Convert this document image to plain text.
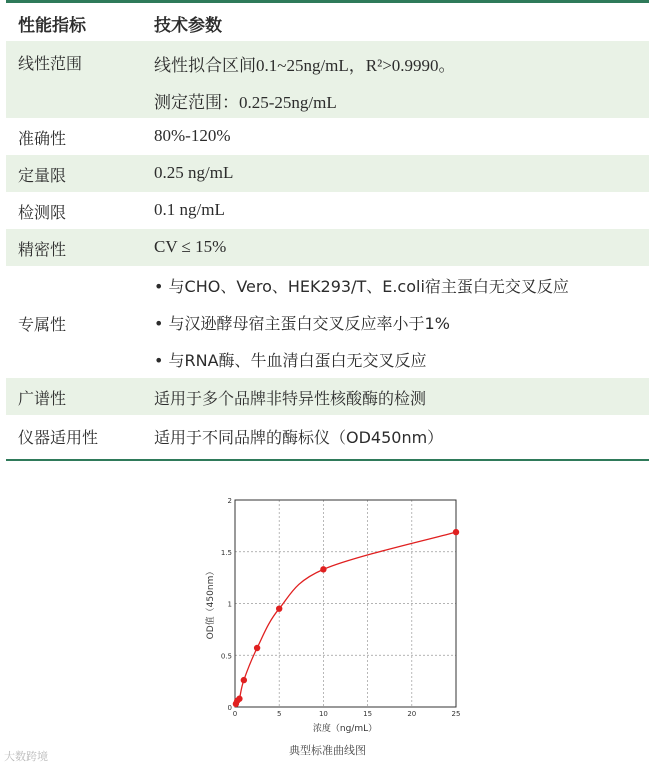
性能指标	技术参数
线性范围	线性拟合区间0.1~25ng/mL，R²>0.9990。
测定范围：0.25-25ng/mL
准确性	80%-120%
定量限	0.25 ng/mL
检测限	0.1 ng/mL
精密性	CV ≤ 15%
专属性
• 与CHO、Vero、HEK293/T、E.coli宿主蛋白无交叉反应
• 与汉逊酵母宿主蛋白交叉反应率小于1%
• 与RNA酶、牛血清白蛋白无交叉反应
广谱性	适用于多个品牌非特异性核酸酶的检测
仪器适用性	适用于不同品牌的酶标仪（OD450nm）
0
0.5
1
1.5
2
0	5	10	15	20	25
浓度（ng/mL）
OD值（450nm）
典型标准曲线图
大数跨境
